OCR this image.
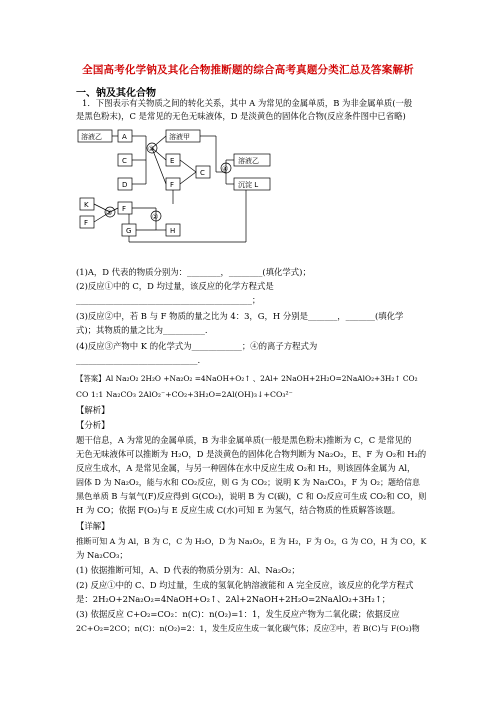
全国高考化学钠及其化合物推断题的综合高考真题分类汇总及答案解析
一、钠及其化合物
1．下图表示有关物质之间的转化关系，其中 A 为常见的金属单质，B 为非金属单质(一般
是黑色粉末)，C 是常见的无色无味液体，D 是淡黄色的固体化合物(反应条件图中已省略)
溶液乙	A
C
D
F
K
F
G	H
溶液甲
E
F
C
溶液乙
沉淀 L
①
④
③	②
(1)A，D 代表的物质分别为：________，________(填化学式)；
(2)反应①中的 C，D 均过量，该反应的化学方程式是
__________________________________________；
(3)反应②中，若 B 与 F 物质的量之比为 4：3，G，H 分别是_______，_______(填化学
式)；其物质的量之比为__________.
(4)反应③产物中 K 的化学式为____________；④的离子方程式为
_____________________________.
【答案】Al Na₂O₂ 2H₂O +Na₂O₂ =4NaOH+O₂↑ 、2Al+ 2NaOH+2H₂O=2NaAlO₂+3H₂↑ CO₂
CO 1:1 Na₂CO₃ 2AlO₂⁻+CO₂+3H₂O=2Al(OH)₃↓+CO₃²⁻
【解析】
【分析】
题干信息，A 为常见的金属单质，B 为非金属单质(一般是黑色粉末)推断为 C，C 是常见的
无色无味液体可以推断为 H₂O，D 是淡黄色的固体化合物判断为 Na₂O₂，E、F 为 O₂和 H₂的
反应生成水，A 是常见金属，与另一种固体在水中反应生成 O₂和 H₂，则该固体金属为 Al，
固体 D 为 Na₂O₂，能与水和 CO₂反应，则 G 为 CO₂；说明 K 为 Na₂CO₃，F 为 O₂；题给信息
黑色单质 B 与氧气(F)反应得到 G(CO₂)，说明 B 为 C(碳)，C 和 O₂反应可生成 CO₂和 CO，则
H 为 CO；依据 F(O₂)与 E 反应生成 C(水)可知 E 为氢气，结合物质的性质解答该题。
【详解】
推断可知 A 为 Al，B 为 C，C 为 H₂O，D 为 Na₂O₂，E 为 H₂，F 为 O₂，G 为 CO，H 为 CO，K
为 Na₂CO₃；
(1) 依据推断可知，A、D 代表的物质分别为：Al、Na₂O₂；
(2) 反应①中的 C、D 均过量，生成的氢氧化钠溶液能和 A 完全反应，该反应的化学方程式
是：2H₂O+2Na₂O₂=4NaOH+O₂↑、2Al+2NaOH+2H₂O=2NaAlO₂+3H₂↑；
(3) 依据反应 C+O₂=CO₂：n(C)：n(O₂)=1：1，发生反应产物为二氧化碳；依据反应
2C+O₂=2CO；n(C)：n(O₂)=2：1，发生反应生成一氧化碳气体；反应②中，若 B(C)与 F(O₂)物
